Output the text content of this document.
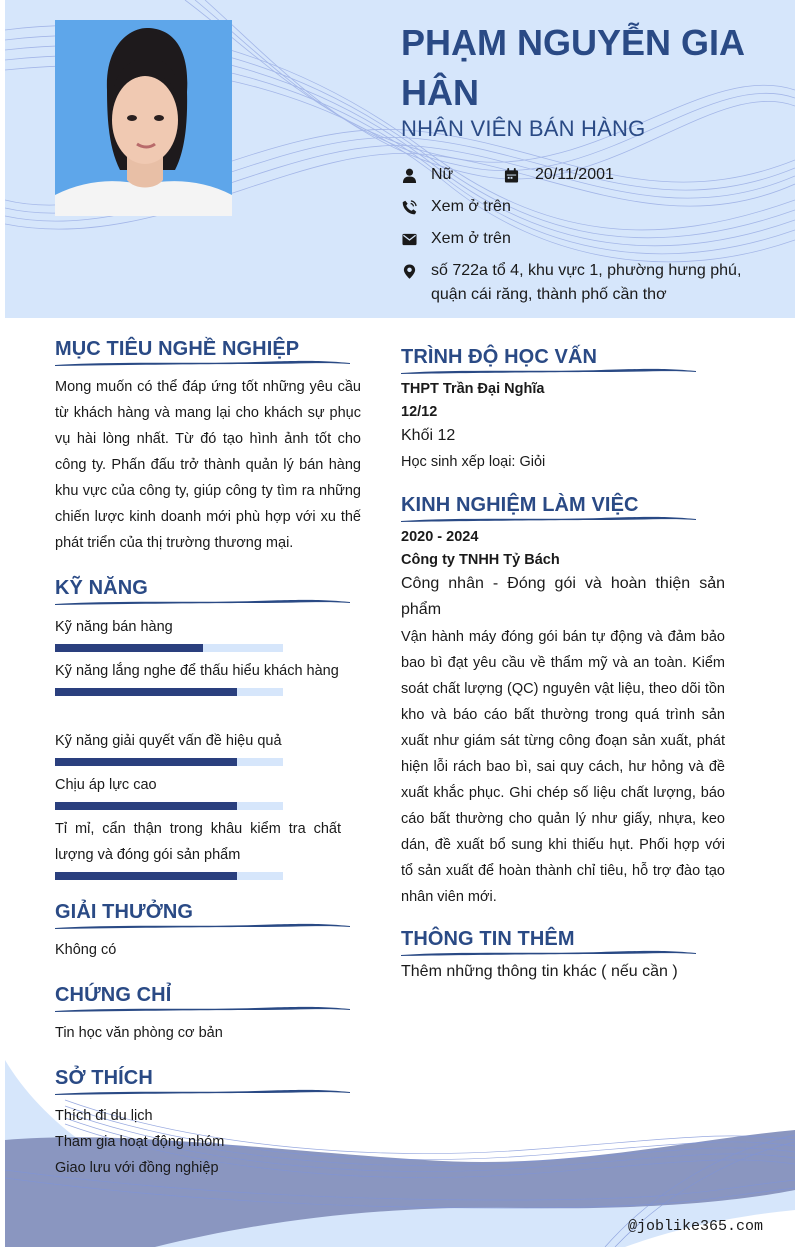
PHẠM NGUYỄN GIA HÂN
NHÂN VIÊN BÁN HÀNG
Nữ	20/11/2001
Xem ở trên
Xem ở trên
số 722a tổ 4, khu vực 1, phường hưng phú, quận cái răng, thành phố cần thơ
MỤC TIÊU NGHỀ NGHIỆP
Mong muốn có thể đáp ứng tốt những yêu cầu từ khách hàng và mang lại cho khách sự phục vụ hài lòng nhất. Từ đó tạo hình ảnh tốt cho công ty. Phấn đấu trở thành quản lý bán hàng khu vực của công ty, giúp công ty tìm ra những chiến lược kinh doanh mới phù hợp với xu thế phát triển của thị trường thương mại.
KỸ NĂNG
Kỹ năng bán hàng
Kỹ năng lắng nghe để thấu hiểu khách hàng
Kỹ năng giải quyết vấn đề hiệu quả
Chịu áp lực cao
Tỉ mỉ, cẩn thận trong khâu kiểm tra chất lượng và đóng gói sản phẩm
GIẢI THƯỞNG
Không có
CHỨNG CHỈ
Tin học văn phòng cơ bản
SỞ THÍCH
Thích đi du lịch
Tham gia hoạt động nhóm
Giao lưu với đồng nghiệp
TRÌNH ĐỘ HỌC VẤN
THPT Trần Đại Nghĩa
12/12
Khối 12
Học sinh xếp loại: Giỏi
KINH NGHIỆM LÀM VIỆC
2020 - 2024
Công ty TNHH Tỷ Bách
Công nhân - Đóng gói và hoàn thiện sản phẩm
Vận hành máy đóng gói bán tự động và đảm bảo bao bì đạt yêu cầu về thẩm mỹ và an toàn. Kiểm soát chất lượng (QC) nguyên vật liệu, theo dõi tồn kho và báo cáo bất thường trong quá trình sản xuất như giám sát từng công đoạn sản xuất, phát hiện lỗi rách bao bì, sai quy cách, hư hỏng và đề xuất khắc phục. Ghi chép số liệu chất lượng, báo cáo bất thường cho quản lý như giấy, nhựa, keo dán, đề xuất bổ sung khi thiếu hụt. Phối hợp với tổ sản xuất để hoàn thành chỉ tiêu, hỗ trợ đào tạo nhân viên mới.
THÔNG TIN THÊM
Thêm những thông tin khác ( nếu cần )
@joblike365.com
